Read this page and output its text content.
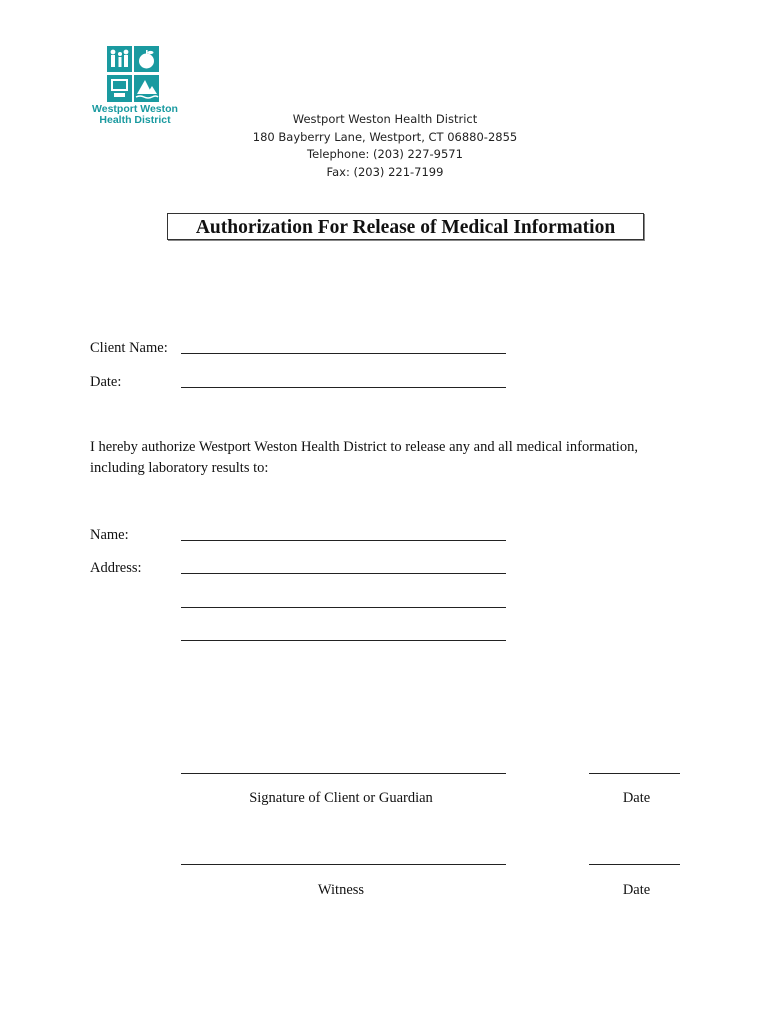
Westport Weston
Health District	Westport Weston Health District
180 Bayberry Lane, Westport, CT 06880-2855
Telephone: (203) 227-9571
Fax: (203) 221-7199
Authorization For Release of Medical Information
Client Name:
Date:
I hereby authorize Westport Weston Health District to release any and all medical information,
including laboratory results to:
Name:
Address:
Signature of Client or Guardian	Date
Witness	Date
